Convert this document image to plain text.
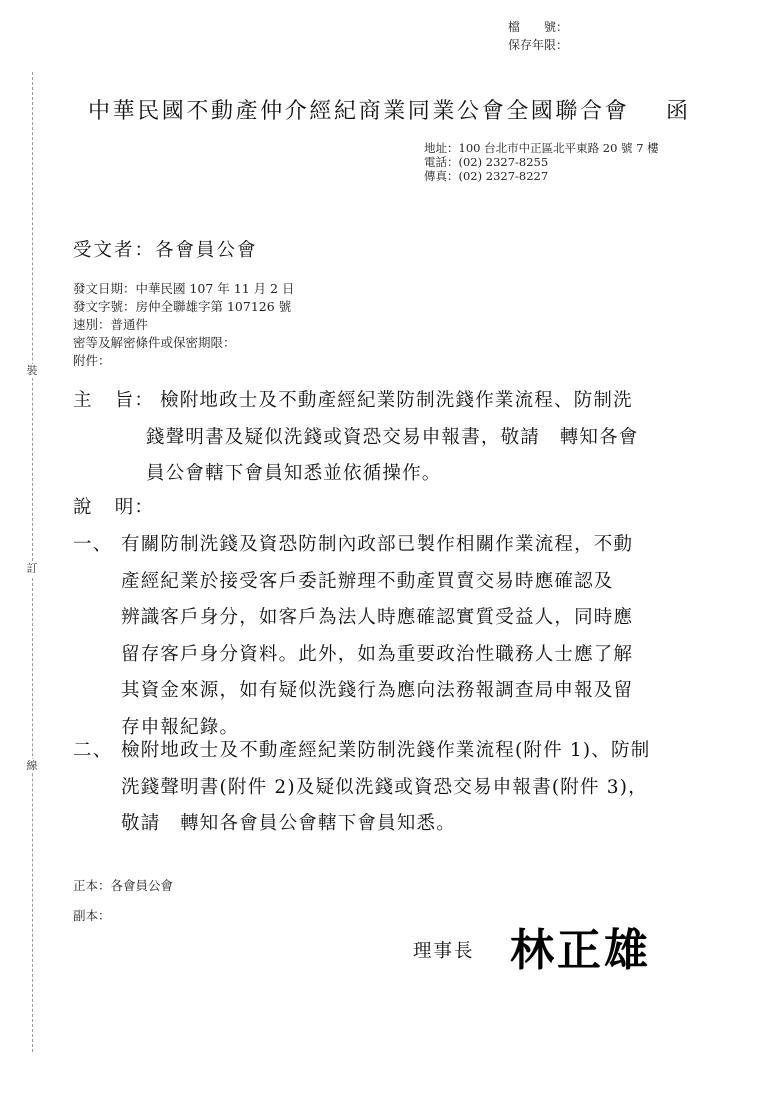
檔　　號：
保存年限：
裝
訂
線
中華民國不動產仲介經紀商業同業公會全國聯合會 函
地址：100 台北市中正區北平東路 20 號 7 樓
電話：(02) 2327-8255
傳真：(02) 2327-8227
受文者：各會員公會
發文日期：中華民國 107 年 11 月 2 日
發文字號：房仲全聯雄字第 107126 號
速別：普通件
密等及解密條件或保密期限：
附件：
主 旨： 檢附地政士及不動產經紀業防制洗錢作業流程、防制洗
錢聲明書及疑似洗錢或資恐交易申報書，敬請　轉知各會
員公會轄下會員知悉並依循操作。
說 明：
一、 有關防制洗錢及資恐防制內政部已製作相關作業流程，不動
產經紀業於接受客戶委託辦理不動產買賣交易時應確認及
辨識客戶身分，如客戶為法人時應確認實質受益人，同時應
留存客戶身分資料。此外，如為重要政治性職務人士應了解
其資金來源，如有疑似洗錢行為應向法務報調查局申報及留
存申報紀錄。
二、 檢附地政士及不動產經紀業防制洗錢作業流程(附件 1)、防制
洗錢聲明書(附件 2)及疑似洗錢或資恐交易申報書(附件 3)，
敬請　轉知各會員公會轄下會員知悉。
正本：各會員公會
副本：
理事長 林正雄
